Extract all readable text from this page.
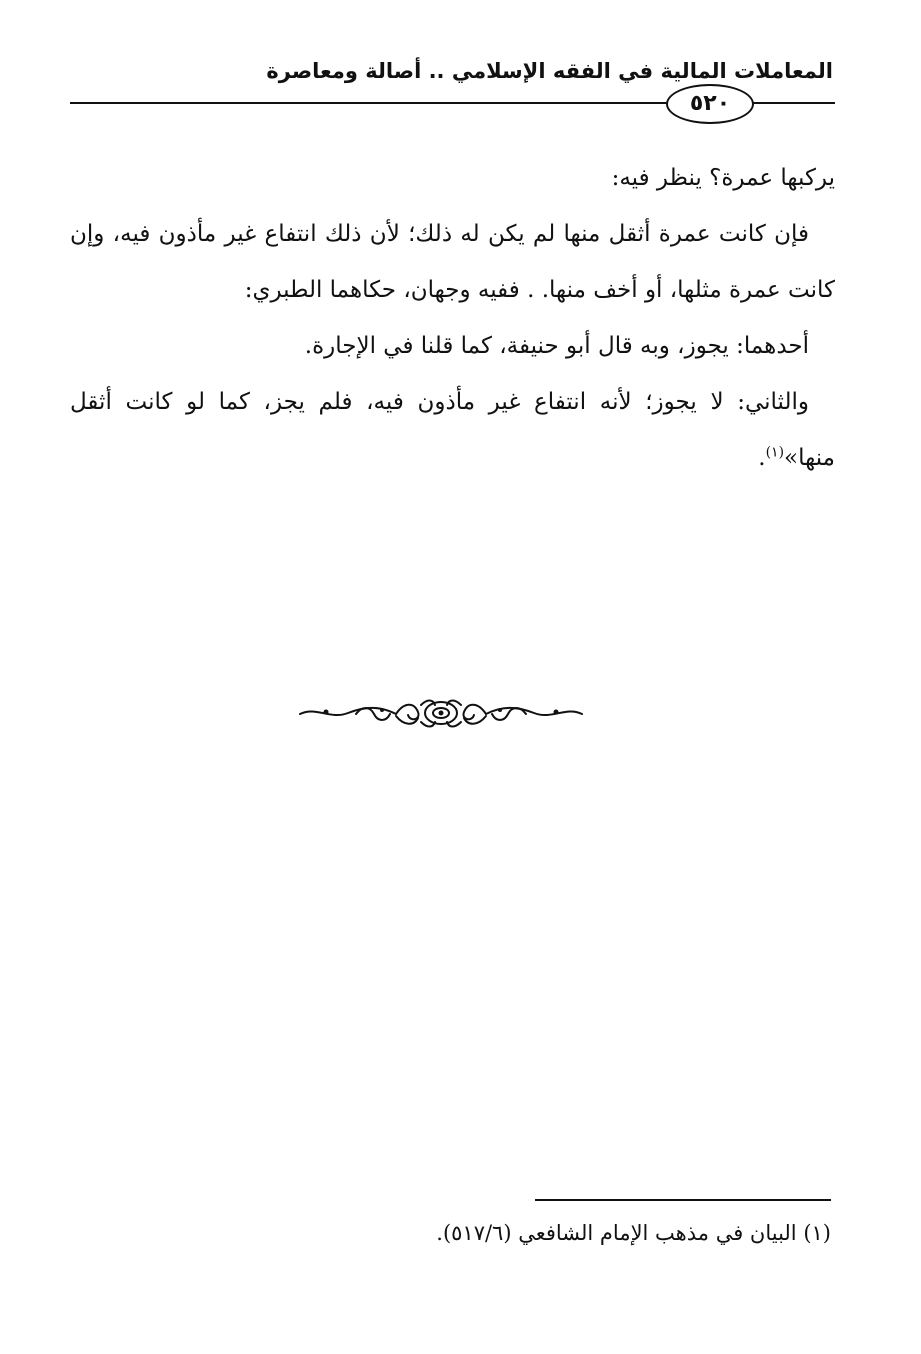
المعاملات المالية في الفقه الإسلامي .. أصالة ومعاصرة
٥٢٠

يركبها عمرة؟ ينظر فيه:

فإن كانت عمرة أثقل منها لم يكن له ذلك؛ لأن ذلك انتفاع غير مأذون فيه، وإن كانت عمرة مثلها، أو أخف منها. . ففيه وجهان، حكاهما الطبري:

أحدهما: يجوز، وبه قال أبو حنيفة، كما قلنا في الإجارة.

والثاني: لا يجوز؛ لأنه انتفاع غير مأذون فيه، فلم يجز، كما لو كانت أثقل منها»$^{(١)}$.

(١) البيان في مذهب الإمام الشافعي (٥١٧/٦).
